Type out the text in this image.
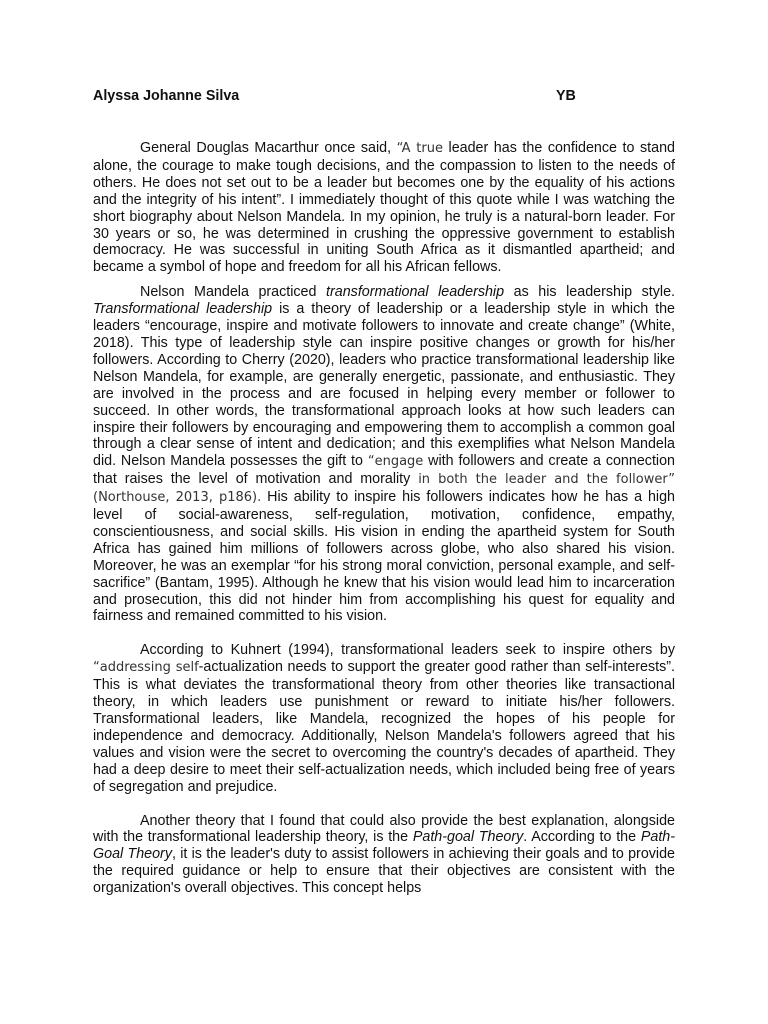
Alyssa Johanne Silva	YB

General Douglas Macarthur once said, “A true leader has the confidence to stand alone, the courage to make tough decisions, and the compassion to listen to the needs of others. He does not set out to be a leader but becomes one by the equality of his actions and the integrity of his intent”. I immediately thought of this quote while I was watching the short biography about Nelson Mandela. In my opinion, he truly is a natural-born leader. For 30 years or so, he was determined in crushing the oppressive government to establish democracy. He was successful in uniting South Africa as it dismantled apartheid; and became a symbol of hope and freedom for all his African fellows.

Nelson Mandela practiced transformational leadership as his leadership style. Transformational leadership is a theory of leadership or a leadership style in which the leaders “encourage, inspire and motivate followers to innovate and create change” (White, 2018). This type of leadership style can inspire positive changes or growth for his/her followers. According to Cherry (2020), leaders who practice transformational leadership like Nelson Mandela, for example, are generally energetic, passionate, and enthusiastic. They are involved in the process and are focused in helping every member or follower to succeed. In other words, the transformational approach looks at how such leaders can inspire their followers by encouraging and empowering them to accomplish a common goal through a clear sense of intent and dedication; and this exemplifies what Nelson Mandela did. Nelson Mandela possesses the gift to “engage with followers and create a connection that raises the level of motivation and morality in both the leader and the follower” (Northouse, 2013, p186). His ability to inspire his followers indicates how he has a high level of social-awareness, self-regulation, motivation, confidence, empathy, conscientiousness, and social skills. His vision in ending the apartheid system for South Africa has gained him millions of followers across globe, who also shared his vision. Moreover, he was an exemplar “for his strong moral conviction, personal example, and self-sacrifice” (Bantam, 1995). Although he knew that his vision would lead him to incarceration and prosecution, this did not hinder him from accomplishing his quest for equality and fairness and remained committed to his vision.

According to Kuhnert (1994), transformational leaders seek to inspire others by “addressing self-actualization needs to support the greater good rather than self-interests”. This is what deviates the transformational theory from other theories like transactional theory, in which leaders use punishment or reward to initiate his/her followers. Transformational leaders, like Mandela, recognized the hopes of his people for independence and democracy. Additionally, Nelson Mandela's followers agreed that his values and vision were the secret to overcoming the country's decades of apartheid. They had a deep desire to meet their self-actualization needs, which included being free of years of segregation and prejudice.

Another theory that I found that could also provide the best explanation, alongside with the transformational leadership theory, is the Path-goal Theory. According to the Path-Goal Theory, it is the leader's duty to assist followers in achieving their goals and to provide the required guidance or help to ensure that their objectives are consistent with the organization's overall objectives. This concept helps
